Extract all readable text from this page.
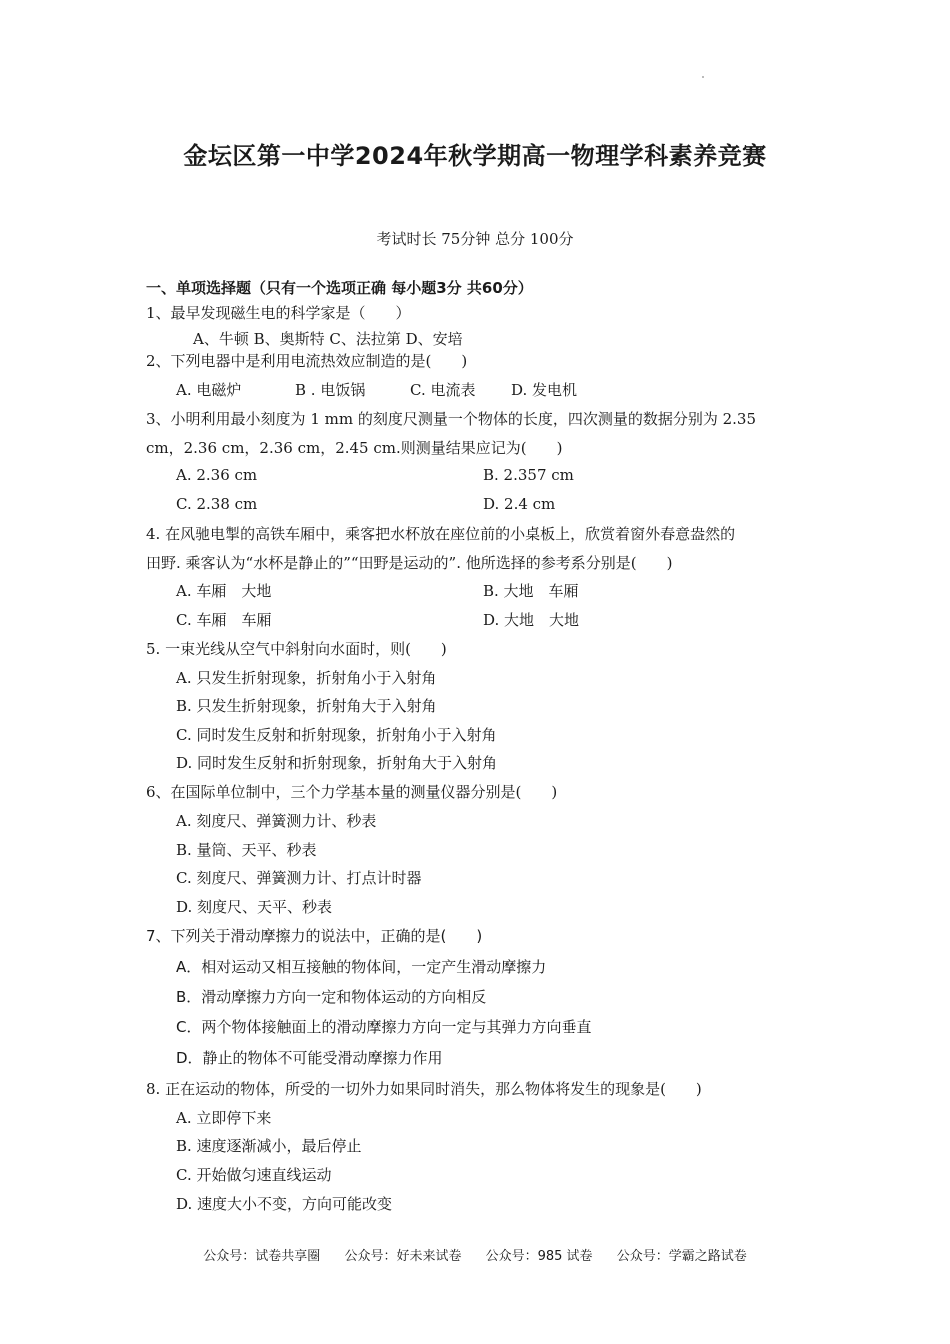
金坛区第一中学2024年秋学期高一物理学科素养竞赛
考试时长 75分钟 总分 100分
一、单项选择题（只有一个选项正确 每小题3分 共60分）
1、最早发现磁生电的科学家是（　　）
A、牛顿 B、奥斯特 C、法拉第 D、安培
2、下列电器中是利用电流热效应制造的是(　　)
A. 电磁炉	B . 电饭锅	C. 电流表 D. 发电机
3、小明利用最小刻度为 1 mm 的刻度尺测量一个物体的长度，四次测量的数据分别为 2.35
cm，2.36 cm，2.36 cm，2.45 cm.则测量结果应记为(　　)
A. 2.36 cm	B. 2.357 cm
C. 2.38 cm	D. 2.4 cm
4. 在风驰电掣的高铁车厢中，乘客把水杯放在座位前的小桌板上，欣赏着窗外春意盎然的
田野. 乘客认为“水杯是静止的”“田野是运动的”. 他所选择的参考系分别是(　　)
A. 车厢　大地	B. 大地　车厢
C. 车厢　车厢	D. 大地　大地
5. 一束光线从空气中斜射向水面时，则(　　)
A. 只发生折射现象，折射角小于入射角
B. 只发生折射现象，折射角大于入射角
C. 同时发生反射和折射现象，折射角小于入射角
D. 同时发生反射和折射现象，折射角大于入射角
6、在国际单位制中，三个力学基本量的测量仪器分别是(　　)
A. 刻度尺、弹簧测力计、秒表
B. 量筒、天平、秒表
C. 刻度尺、弹簧测力计、打点计时器
D. 刻度尺、天平、秒表
7、下列关于滑动摩擦力的说法中，正确的是(　　)
A．相对运动又相互接触的物体间，一定产生滑动摩擦力
B．滑动摩擦力方向一定和物体运动的方向相反
C．两个物体接触面上的滑动摩擦力方向一定与其弹力方向垂直
D．静止的物体不可能受滑动摩擦力作用
8. 正在运动的物体，所受的一切外力如果同时消失，那么物体将发生的现象是(　　)
A. 立即停下来
B. 速度逐渐减小，最后停止
C. 开始做匀速直线运动
D. 速度大小不变，方向可能改变
公众号：试卷共享圈 公众号：好未来试卷 公众号：985 试卷 公众号：学霸之路试卷
